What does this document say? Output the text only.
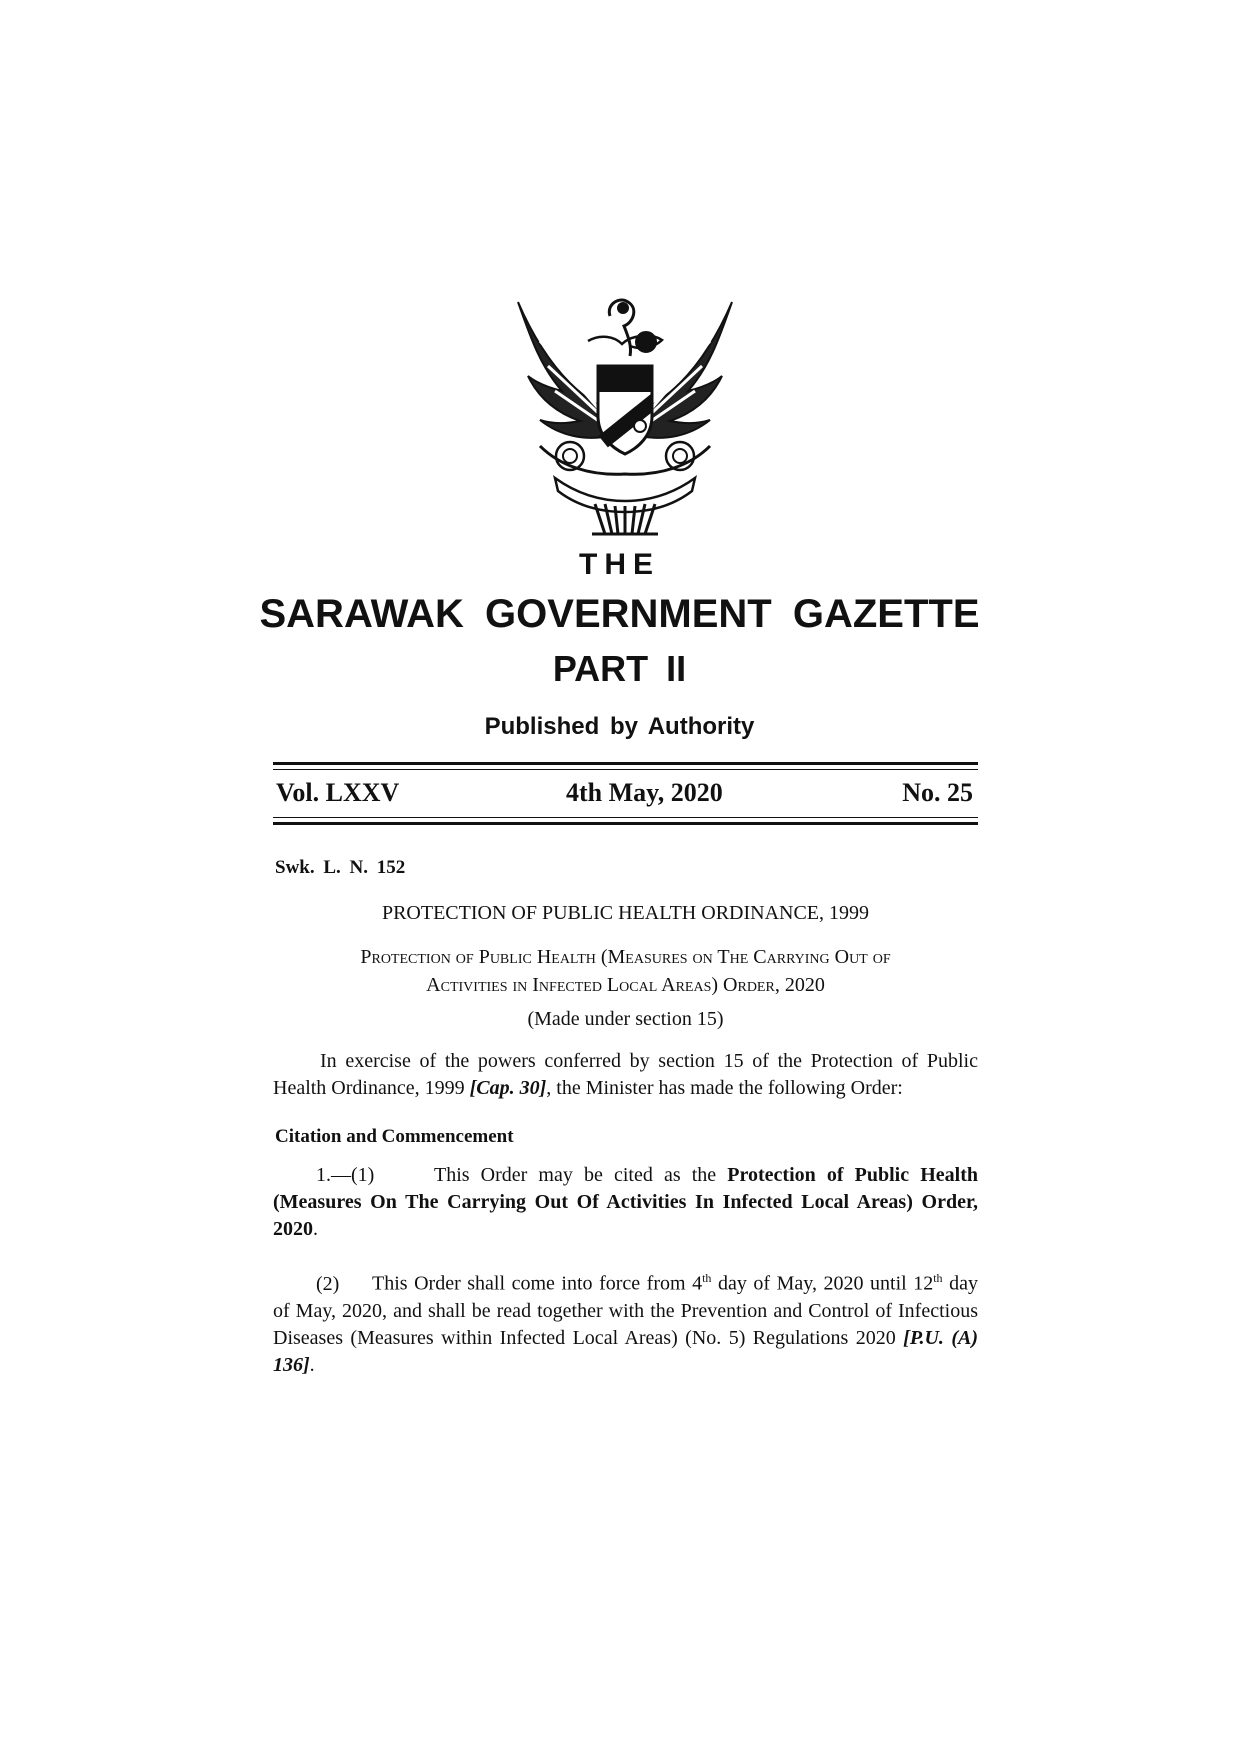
THE
SARAWAK GOVERNMENT GAZETTE
PART II
Published by Authority
Vol. LXXV	4th May, 2020	No. 25
Swk. L. N. 152
PROTECTION OF PUBLIC HEALTH ORDINANCE, 1999
Protection of Public Health (Measures on The Carrying Out of
Activities in Infected Local Areas) Order, 2020
(Made under section 15)
In exercise of the powers conferred by section 15 of the Protection of Public Health Ordinance, 1999 [Cap. 30], the Minister has made the following Order:
Citation and Commencement
1.—(1)	This Order may be cited as the Protection of Public Health (Measures On The Carrying Out Of Activities In Infected Local Areas) Order, 2020.
(2) This Order shall come into force from 4th day of May, 2020 until 12th day of May, 2020, and shall be read together with the Prevention and Control of Infectious Diseases (Measures within Infected Local Areas) (No. 5) Regulations 2020 [P.U. (A) 136].
